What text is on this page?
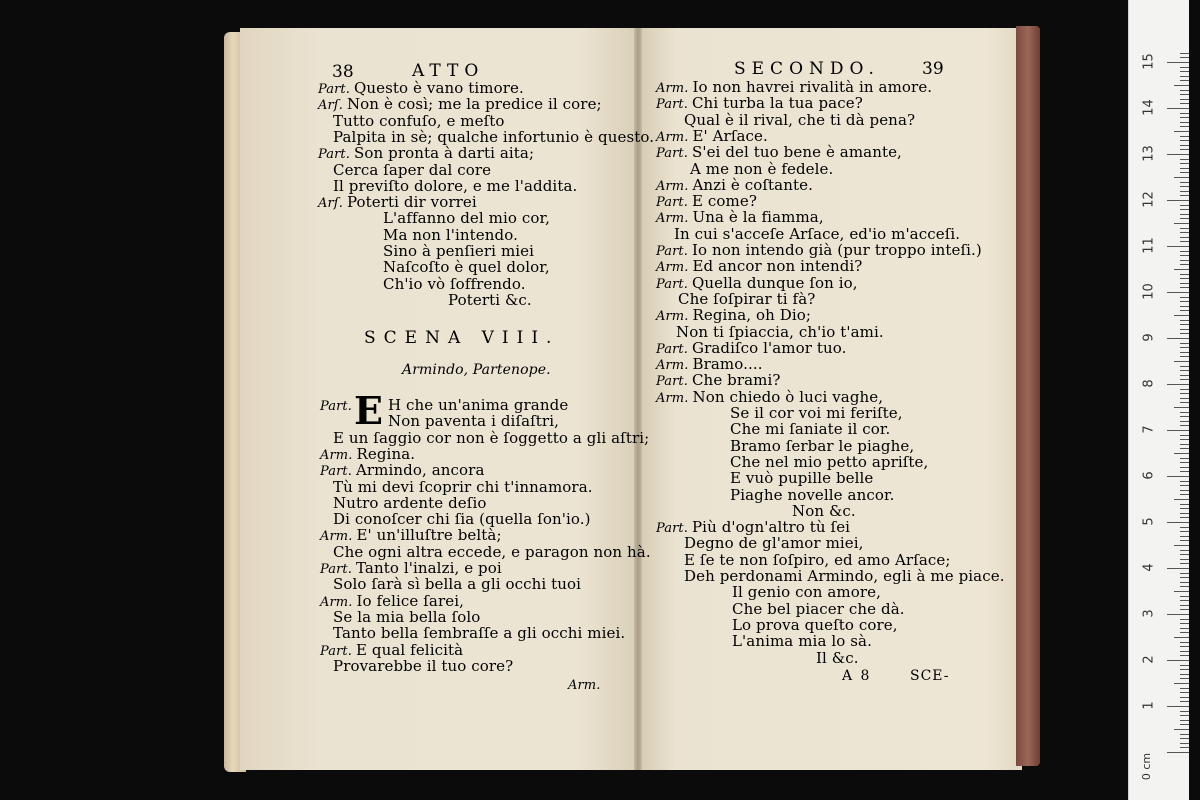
38	ATTO
Part. Questo è vano timore.
Arſ. Non è così; me la predice il core;
Tutto confuſo, e meſto
Palpita in sè; qualche infortunio è questo.
Part. Son pronta à darti aita;
Cerca ſaper dal core
Il previſto dolore, e me l'addita.
Arſ. Poterti dir vorrei
L'affanno del mio cor,
Ma non l'intendo.
Sino à penſieri miei
Naſcoſto è quel dolor,
Ch'io vò ſoffrendo.
Poterti &c.
SCENA VIII.
Armindo, Partenope.
Part. E H che un'anima grande
Non paventa i diſaſtri,
E un ſaggio cor non è ſoggetto a gli aſtri;
Arm. Regina.
Part. Armindo, ancora
Tù mi devi ſcoprir chi t'innamora.
Nutro ardente deſio
Di conoſcer chi ſia (quella ſon'io.)
Arm. E' un'illuſtre beltà;
Che ogni altra eccede, e paragon non hà.
Part. Tanto l'inalzi, e poi
Solo ſarà sì bella a gli occhi tuoi
Arm. Io felice ſarei,
Se la mia bella ſolo
Tanto bella ſembraſſe a gli occhi miei.
Part. E qual felicità
Provarebbe il tuo core?
Arm.
SECONDO. 39
Arm. Io non havrei rivalità in amore.
Part. Chi turba la tua pace?
Qual è il rival, che ti dà pena?
Arm. E' Arſace.
Part. S'ei del tuo bene è amante,
A me non è fedele.
Arm. Anzi è coſtante.
Part. E come?
Arm. Una è la fiamma,
In cui s'acceſe Arſace, ed'io m'acceſi.
Part. Io non intendo già (pur troppo inteſi.)
Arm. Ed ancor non intendi?
Part. Quella dunque ſon io,
Che ſoſpirar ti fà?
Arm. Regina, oh Dio;
Non ti ſpiaccia, ch'io t'ami.
Part. Gradiſco l'amor tuo.
Arm. Bramo....
Part. Che brami?
Arm. Non chiedo ò luci vaghe,
Se il cor voi mi feriſte,
Che mi ſaniate il cor.
Bramo ſerbar le piaghe,
Che nel mio petto apriſte,
E vuò pupille belle
Piaghe novelle ancor.
Non &c.
Part. Più d'ogn'altro tù ſei
Degno de gl'amor miei,
E ſe te non ſoſpiro, ed amo Arſace;
Deh perdonami Armindo, egli à me piace.
Il genio con amore,
Che bel piacer che dà.
Lo prova queſto core,
L'anima mia lo sà.
Il &c.
A 8	SCE-
15
14
13
12
11
10
9
8
7
6
5
4
3
2
1
0 cm
